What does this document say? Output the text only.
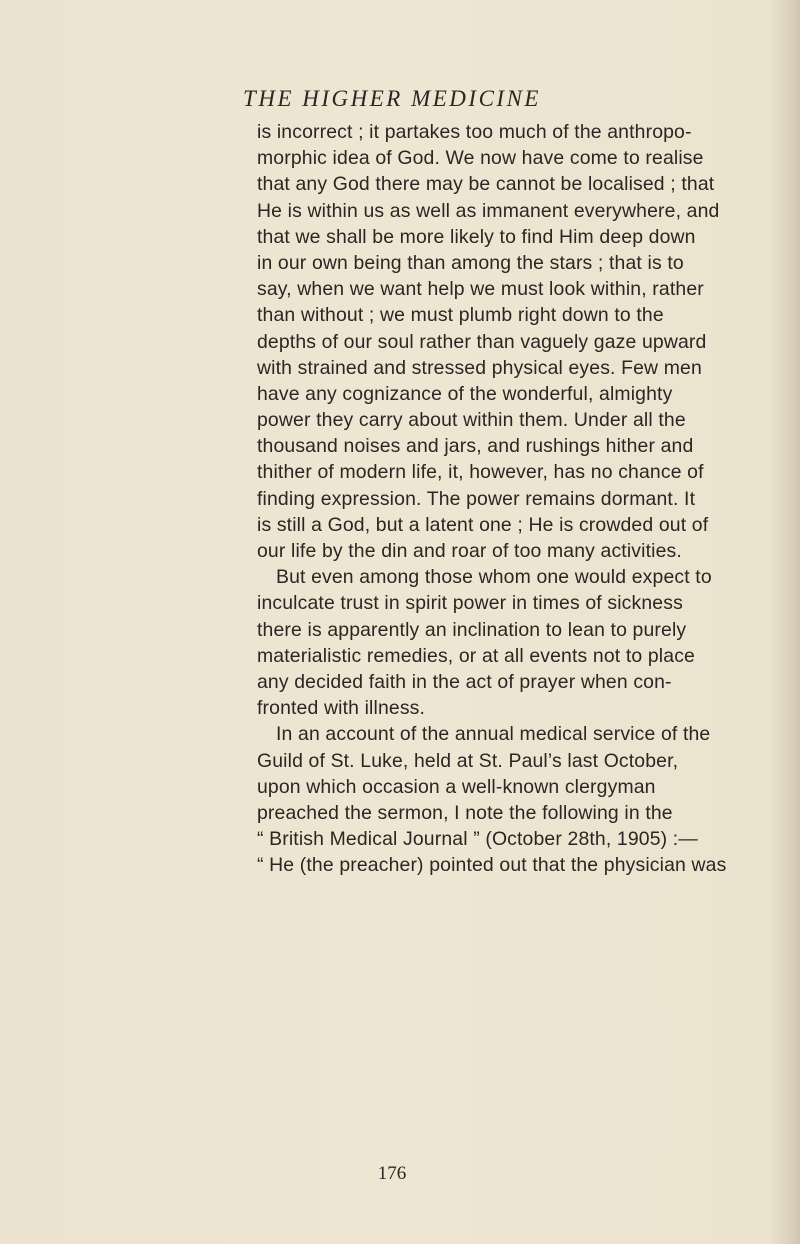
THE HIGHER MEDICINE
is incorrect ; it partakes too much of the anthropo-
morphic idea of God. We now have come to realise
that any God there may be cannot be localised ; that
He is within us as well as immanent everywhere, and
that we shall be more likely to find Him deep down
in our own being than among the stars ; that is to
say, when we want help we must look within, rather
than without ; we must plumb right down to the
depths of our soul rather than vaguely gaze upward
with strained and stressed physical eyes. Few men
have any cognizance of the wonderful, almighty
power they carry about within them. Under all the
thousand noises and jars, and rushings hither and
thither of modern life, it, however, has no chance of
finding expression. The power remains dormant. It
is still a God, but a latent one ; He is crowded out of
our life by the din and roar of too many activities.
But even among those whom one would expect to
inculcate trust in spirit power in times of sickness
there is apparently an inclination to lean to purely
materialistic remedies, or at all events not to place
any decided faith in the act of prayer when con-
fronted with illness.
In an account of the annual medical service of the
Guild of St. Luke, held at St. Paul’s last October,
upon which occasion a well-known clergyman
preached the sermon, I note the following in the
“ British Medical Journal ” (October 28th, 1905) :—
“ He (the preacher) pointed out that the physician was
176
